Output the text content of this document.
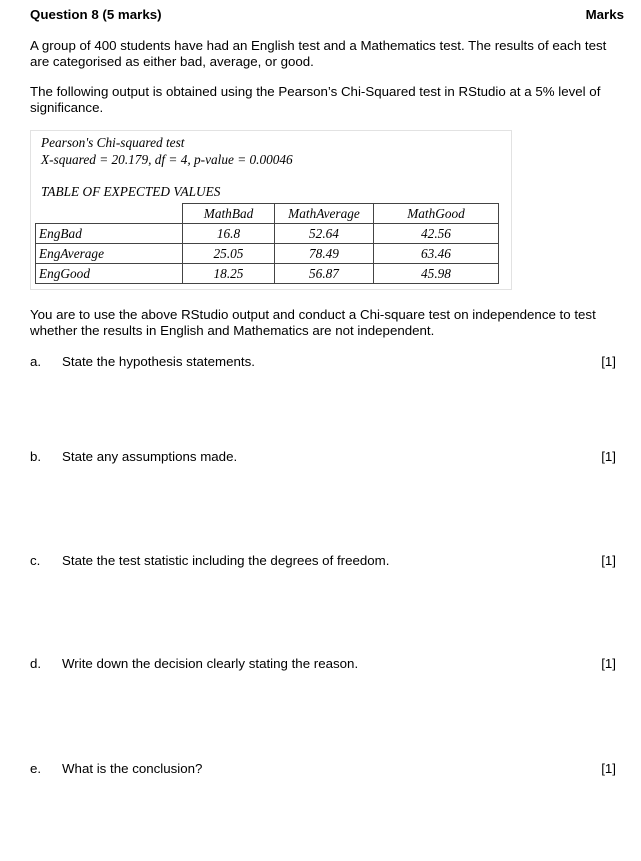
Question 8 (5 marks)	Marks
A group of 400 students have had an English test and a Mathematics test. The results of each test
are categorised as either bad, average, or good.
The following output is obtained using the Pearson’s Chi-Squared test in RStudio at a 5% level of
significance.
Pearson's Chi-squared test
X-squared = 20.179, df = 4, p-value = 0.00046
TABLE OF EXPECTED VALUES
	MathBad	MathAverage	MathGood
EngBad	16.8	52.64	42.56
EngAverage	25.05	78.49	63.46
EngGood	18.25	56.87	45.98
You are to use the above RStudio output and conduct a Chi-square test on independence to test
whether the results in English and Mathematics are not independent.
a. State the hypothesis statements.	[1]
b. State any assumptions made.	[1]
c. State the test statistic including the degrees of freedom.	[1]
d. Write down the decision clearly stating the reason.	[1]
e. What is the conclusion?	[1]
